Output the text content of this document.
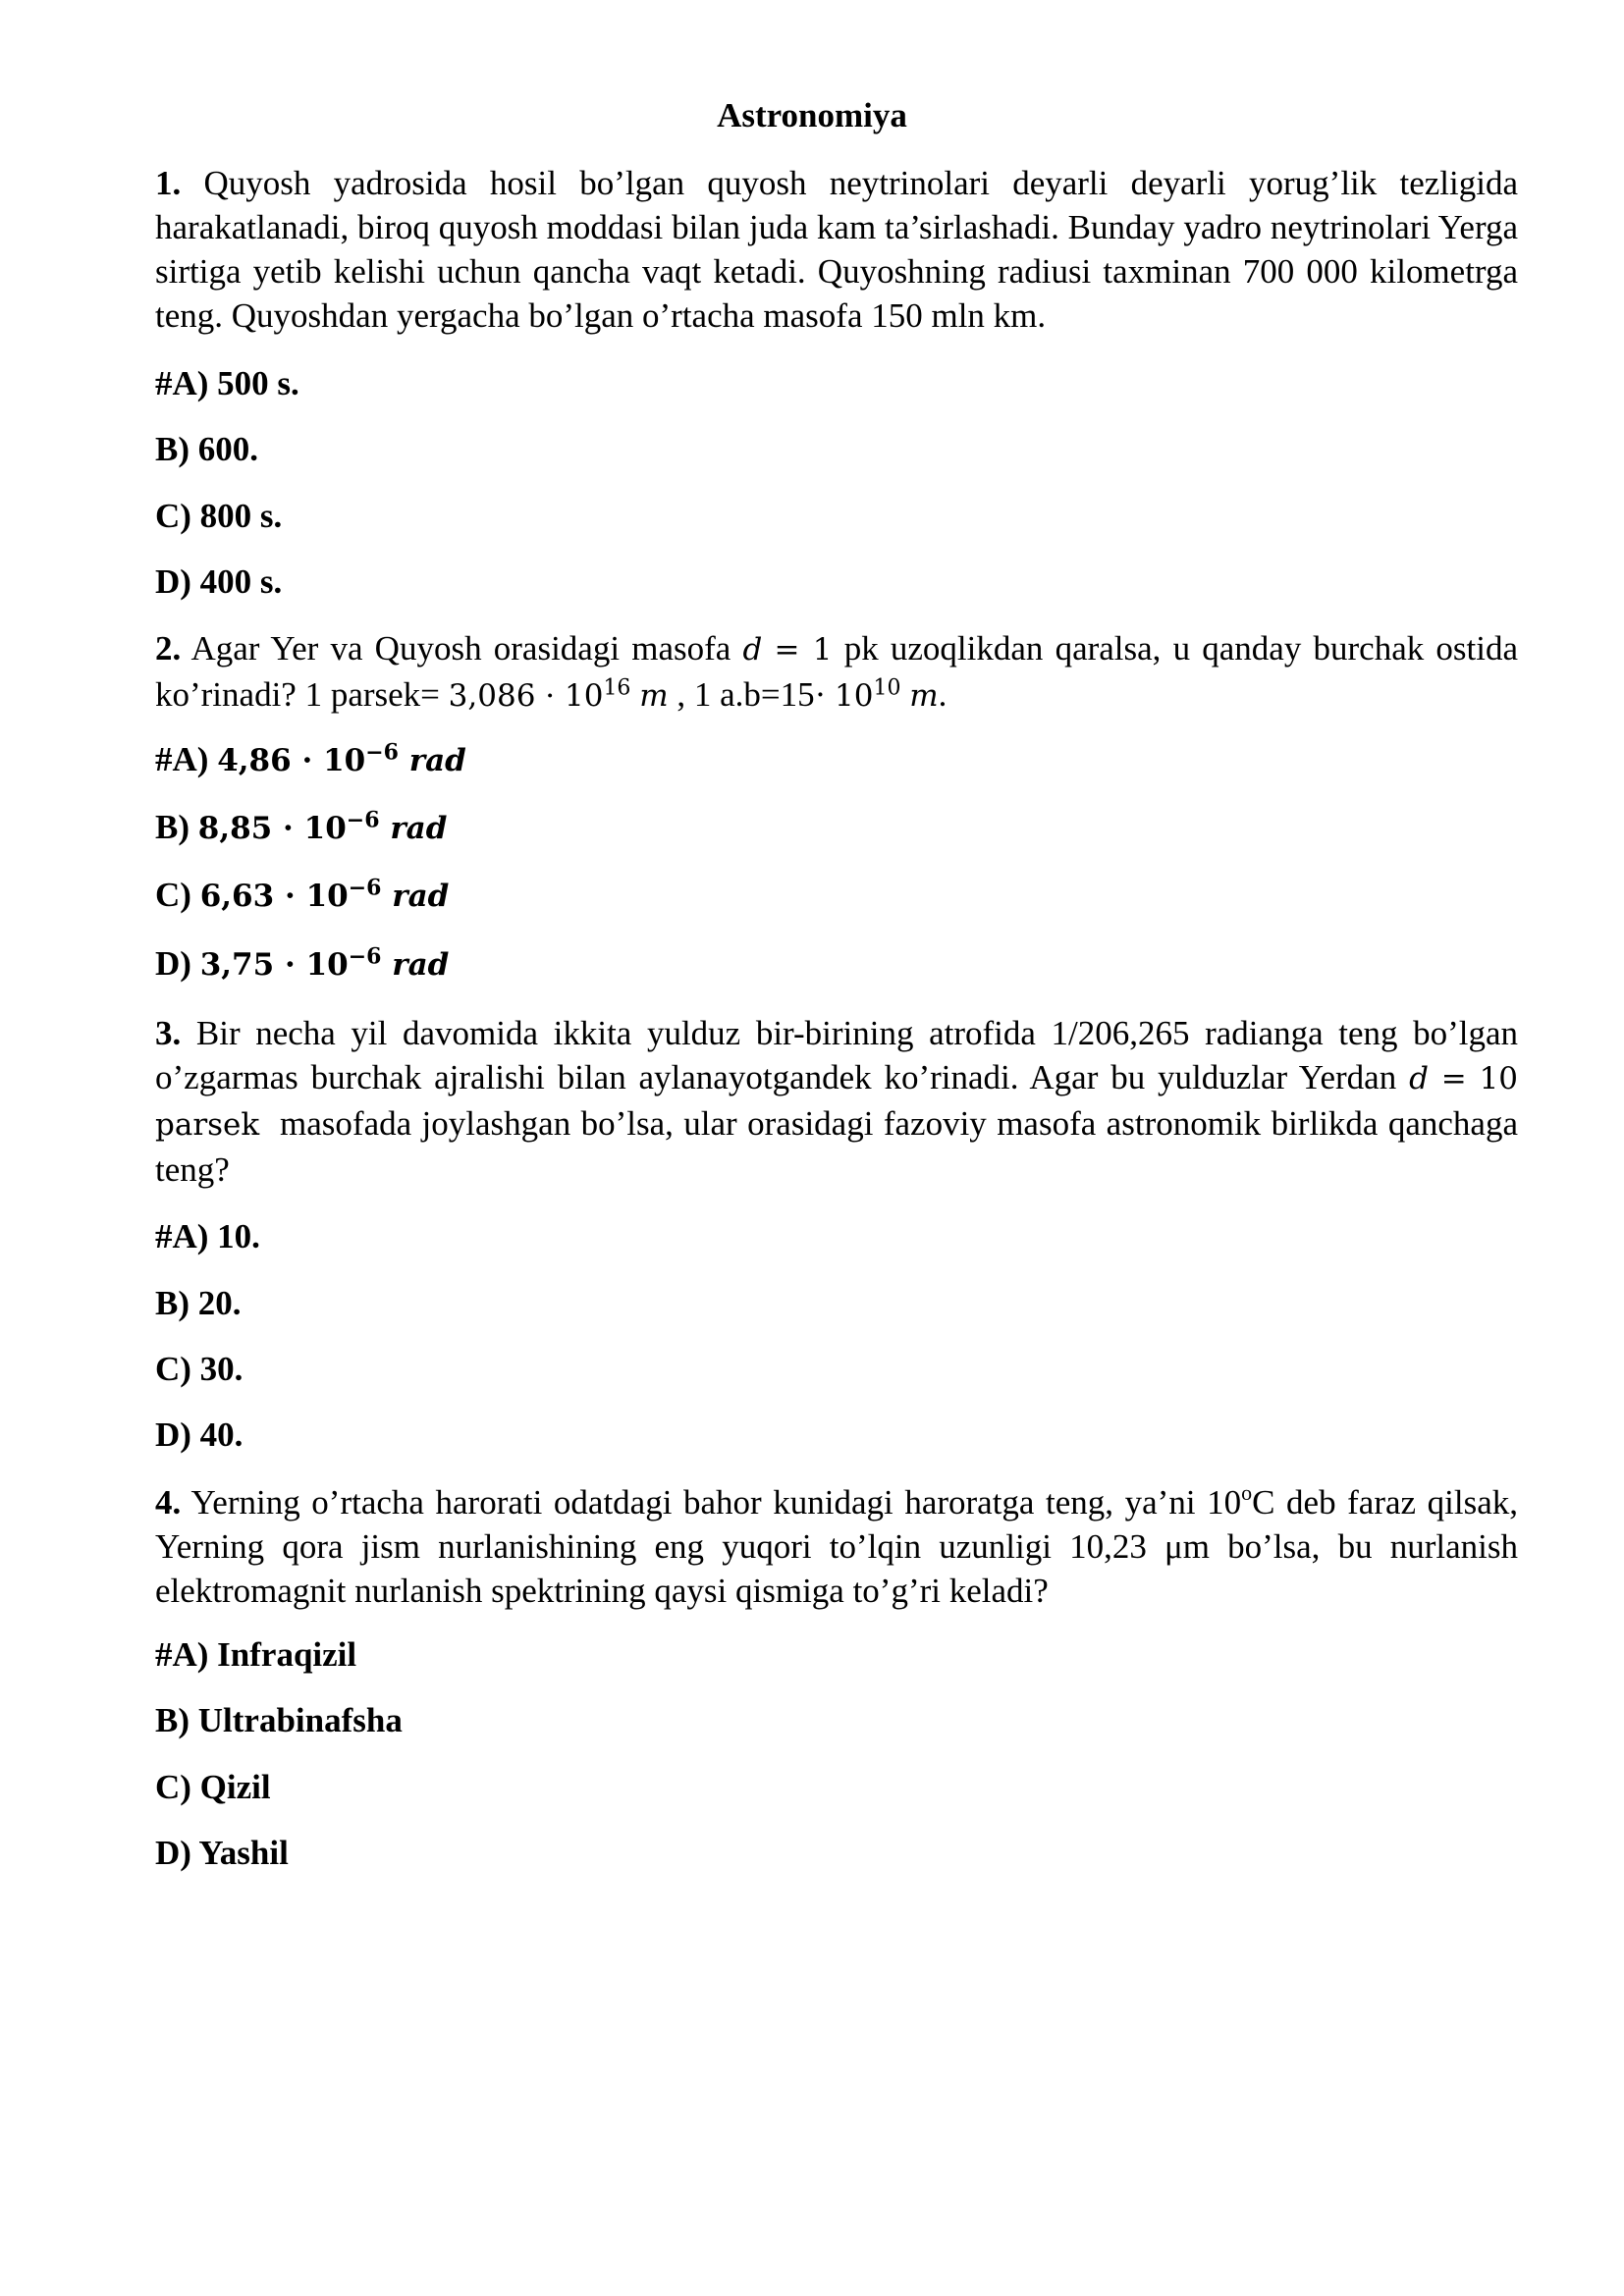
Astronomiya

1. Quyosh yadrosida hosil bo’lgan quyosh neytrinolari deyarli deyarli yorug’lik tezligida harakatlanadi, biroq quyosh moddasi bilan juda kam ta’sirlashadi. Bunday yadro neytrinolari Yerga sirtiga yetib kelishi uchun qancha vaqt ketadi. Quyoshning radiusi taxminan 700 000 kilometrga teng. Quyoshdan yergacha bo’lgan o’rtacha masofa 150 mln km.

#A) 500 s.
B) 600.
C) 800 s.
D) 400 s.

2. Agar Yer va Quyosh orasidagi masofa d = 1 pk uzoqlikdan qaralsa, u qanday burchak ostida ko’rinadi? 1 parsek= $3,086 \cdot 10^{16}$ m , 1 $a.b=15\cdot 10^{10}$ m.

#A) $4,86 \cdot 10^{-6}$ rad
B) $8,85 \cdot 10^{-6}$ rad
C) $6,63 \cdot 10^{-6}$ rad
D) $3,75 \cdot 10^{-6}$ rad

3. Bir necha yil davomida ikkita yulduz bir-birining atrofida 1/206,265 radianga teng bo’lgan o’zgarmas burchak ajralishi bilan aylanayotgandek ko’rinadi. Agar bu yulduzlar Yerdan d = 10 parsek masofada joylashgan bo’lsa, ular orasidagi fazoviy masofa astronomik birlikda qanchaga teng?

#A) 10.
B) 20.
C) 30.
D) 40.

4. Yerning o’rtacha harorati odatdagi bahor kunidagi haroratga teng, ya’ni 10$^o$C deb faraz qilsak, Yerning qora jism nurlanishining eng yuqori to’lqin uzunligi 10,23 μm bo’lsa, bu nurlanish elektromagnit nurlanish spektrining qaysi qismiga to’g’ri keladi?

#A) Infraqizil
B) Ultrabinafsha
C) Qizil
D) Yashil
